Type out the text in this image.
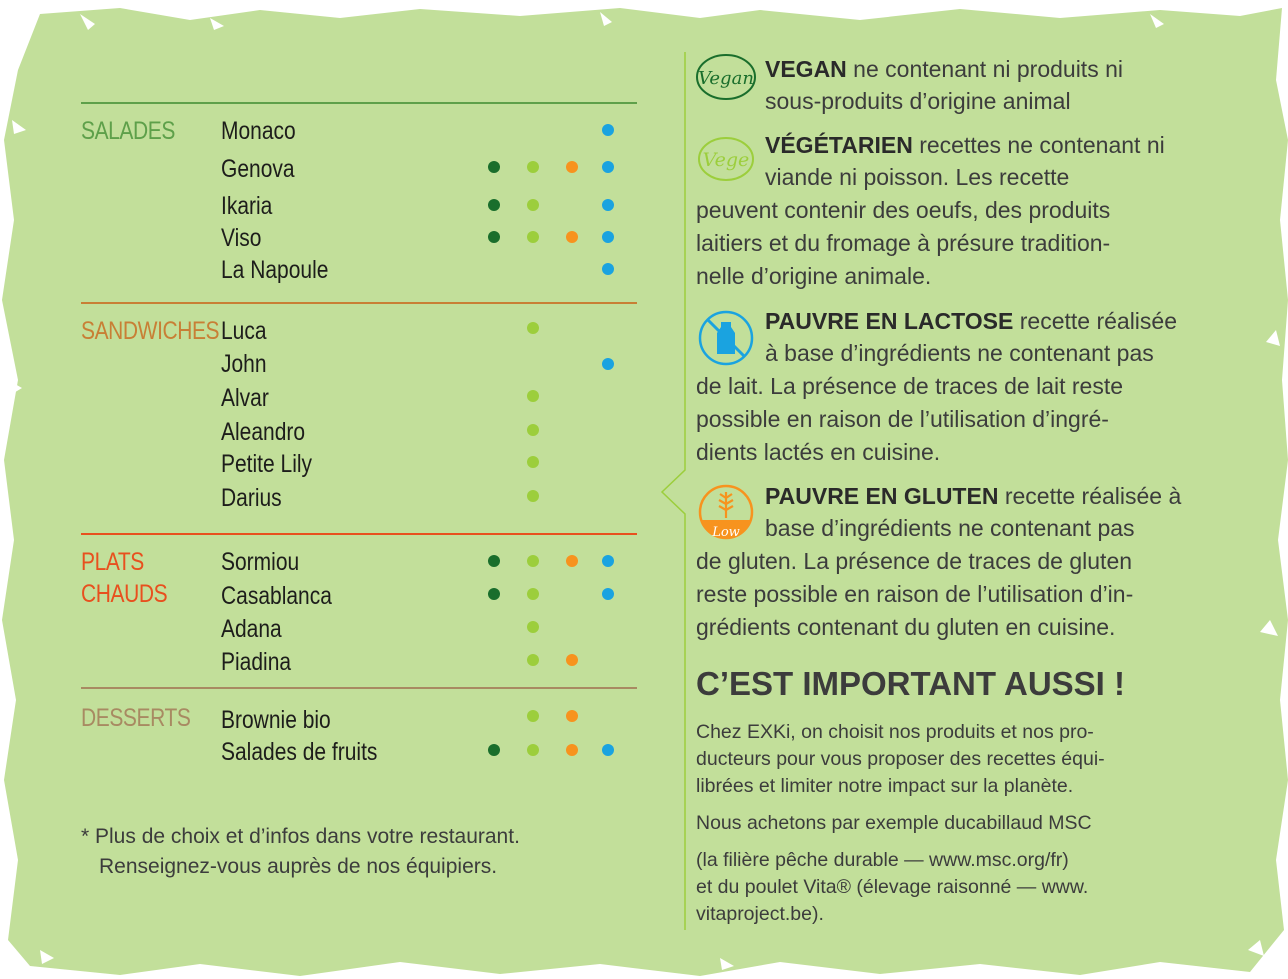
SALADES Monaco
Genova
Ikaria
Viso
La Napoule
SANDWICHES Luca
John
Alvar
Aleandro
Petite Lily
Darius
PLATS
CHAUDS
Sormiou
Casablanca
Adana
Piadina
DESSERTS Brownie bio
Salades de fruits
* Plus de choix et d’infos dans votre restaurant.
Renseignez-vous auprès de nos équipiers.
Vegan VEGAN ne contenant ni produits ni
sous-produits d’origine animal
Vege
VÉGÉTARIEN recettes ne contenant ni
viande ni poisson. Les recette
peuvent contenir des oeufs, des produits
laitiers et du fromage à présure tradition-
nelle d’origine animale.
PAUVRE EN LACTOSE recette réalisée
à base d’ingrédients ne contenant pas
de lait. La présence de traces de lait reste
possible en raison de l’utilisation d’ingré-
dients lactés en cuisine.
Low
PAUVRE EN GLUTEN recette réalisée à
base d’ingrédients ne contenant pas
de gluten. La présence de traces de gluten
reste possible en raison de l’utilisation d’in-
grédients contenant du gluten en cuisine.
C’EST IMPORTANT AUSSI !
Chez EXKi, on choisit nos produits et nos pro-
ducteurs pour vous proposer des recettes équi-
librées et limiter notre impact sur la planète.
Nous achetons par exemple ducabillaud MSC
(la filière pêche durable — www.msc.org/fr)
et du poulet Vita® (élevage raisonné — www.
vitaproject.be).
